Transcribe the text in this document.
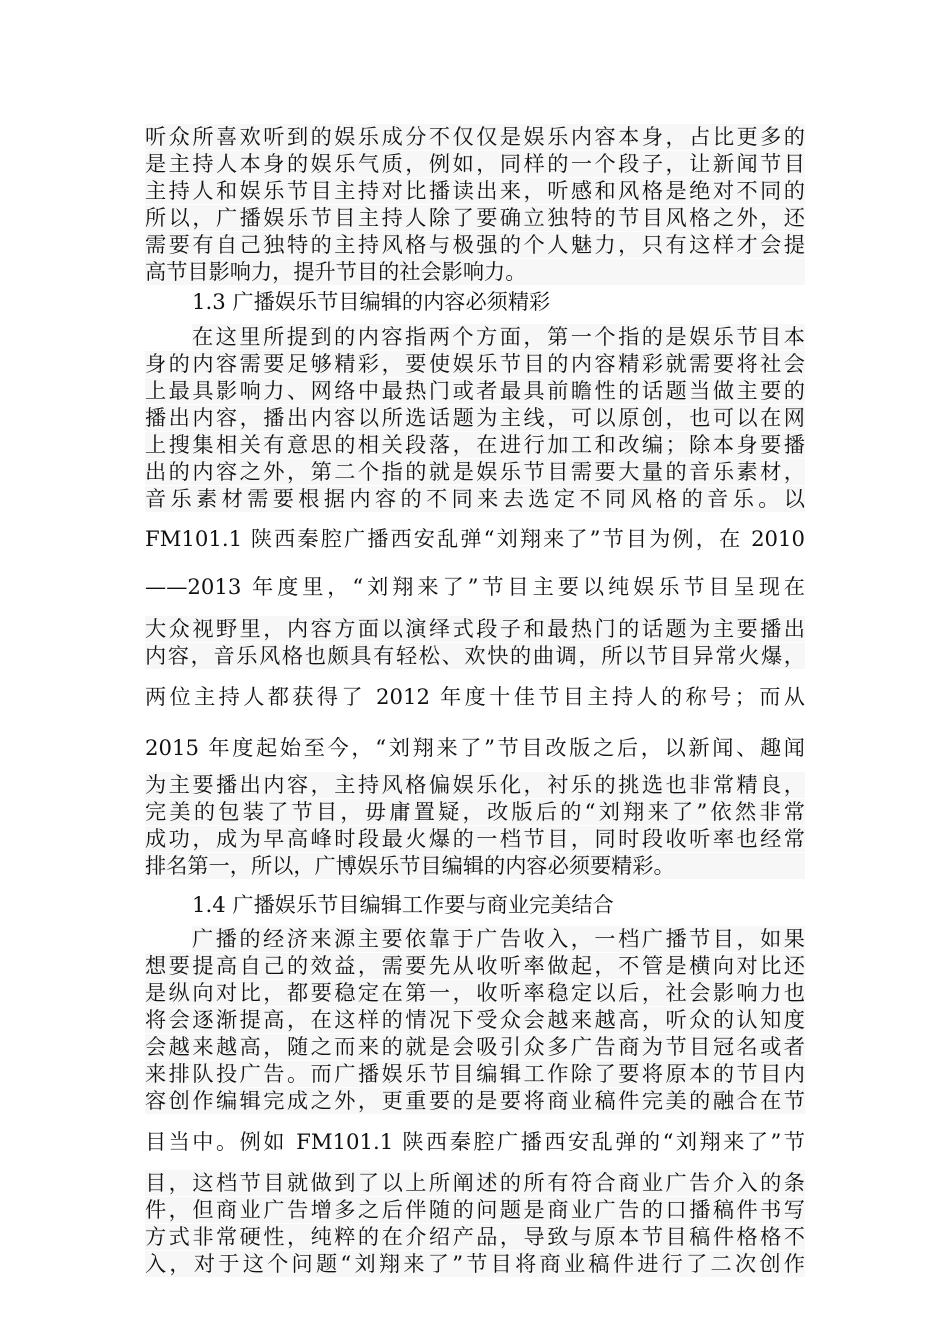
听众所喜欢听到的娱乐成分不仅仅是娱乐内容本身，占比更多的
是主持人本身的娱乐气质，例如，同样的一个段子，让新闻节目
主持人和娱乐节目主持对比播读出来，听感和风格是绝对不同的
所以，广播娱乐节目主持人除了要确立独特的节目风格之外，还
需要有自己独特的主持风格与极强的个人魅力，只有这样才会提
高节目影响力，提升节目的社会影响力。
1.3 广播娱乐节目编辑的内容必须精彩
在这里所提到的内容指两个方面，第一个指的是娱乐节目本
身的内容需要足够精彩，要使娱乐节目的内容精彩就需要将社会
上最具影响力、网络中最热门或者最具前瞻性的话题当做主要的
播出内容，播出内容以所选话题为主线，可以原创，也可以在网
上搜集相关有意思的相关段落，在进行加工和改编；除本身要播
出的内容之外，第二个指的就是娱乐节目需要大量的音乐素材，
音乐素材需要根据内容的不同来去选定不同风格的音乐。以
FM101.1 陕西秦腔广播西安乱弹“刘翔来了”节目为例，在 2010
——2013 年度里，“刘翔来了”节目主要以纯娱乐节目呈现在
大众视野里，内容方面以演绎式段子和最热门的话题为主要播出
内容，音乐风格也颇具有轻松、欢快的曲调，所以节目异常火爆，
两位主持人都获得了 2012 年度十佳节目主持人的称号；而从
2015 年度起始至今，“刘翔来了”节目改版之后，以新闻、趣闻
为主要播出内容，主持风格偏娱乐化，衬乐的挑选也非常精良，
完美的包装了节目，毋庸置疑，改版后的“刘翔来了”依然非常
成功，成为早高峰时段最火爆的一档节目，同时段收听率也经常
排名第一，所以，广博娱乐节目编辑的内容必须要精彩。
1.4 广播娱乐节目编辑工作要与商业完美结合
广播的经济来源主要依靠于广告收入，一档广播节目，如果
想要提高自己的效益，需要先从收听率做起，不管是横向对比还
是纵向对比，都要稳定在第一，收听率稳定以后，社会影响力也
将会逐渐提高，在这样的情况下受众会越来越高，听众的认知度
会越来越高，随之而来的就是会吸引众多广告商为节目冠名或者
来排队投广告。而广播娱乐节目编辑工作除了要将原本的节目内
容创作编辑完成之外，更重要的是要将商业稿件完美的融合在节
目当中。例如 FM101.1 陕西秦腔广播西安乱弹的“刘翔来了”节
目，这档节目就做到了以上所阐述的所有符合商业广告介入的条
件，但商业广告增多之后伴随的问题是商业广告的口播稿件书写
方式非常硬性，纯粹的在介绍产品，导致与原本节目稿件格格不
入，对于这个问题“刘翔来了”节目将商业稿件进行了二次创作
